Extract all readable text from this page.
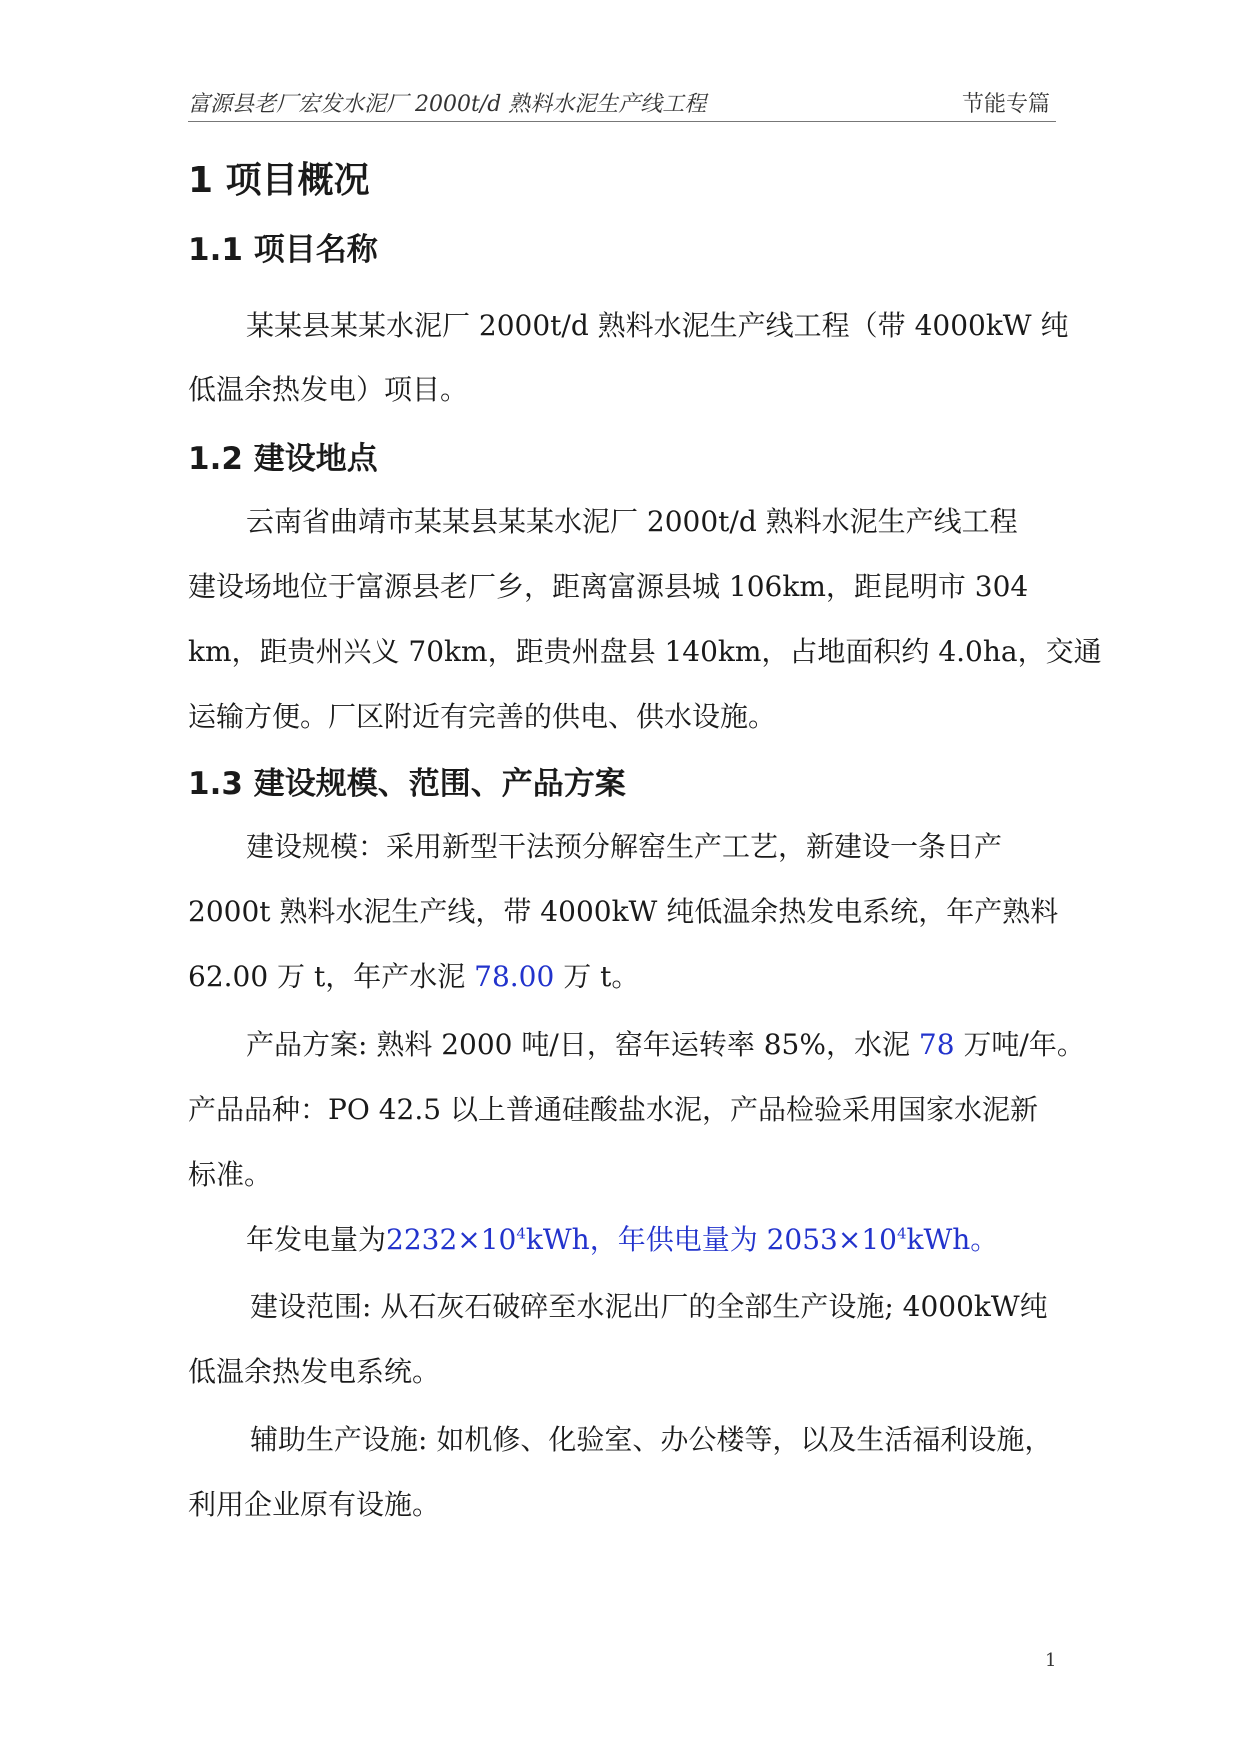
富源县老厂宏发水泥厂 2000t/d 熟料水泥生产线工程	节能专篇
1 项目概况
1.1 项目名称
某某县某某水泥厂 2000t/d 熟料水泥生产线工程（带 4000kW 纯
低温余热发电）项目。
1.2 建设地点
云南省曲靖市某某县某某水泥厂 2000t/d 熟料水泥生产线工程
建设场地位于富源县老厂乡，距离富源县城 106km，距昆明市 304
km，距贵州兴义 70km，距贵州盘县 140km，占地面积约 4.0ha，交通
运输方便。厂区附近有完善的供电、供水设施。
1.3 建设规模、范围、产品方案
建设规模：采用新型干法预分解窑生产工艺，新建设一条日产
2000t 熟料水泥生产线，带 4000kW 纯低温余热发电系统，年产熟料
62.00 万 t，年产水泥 78.00 万 t。
产品方案: 熟料 2000 吨/日，窑年运转率 85%，水泥 78 万吨/年。
产品品种：PO 42.5 以上普通硅酸盐水泥，产品检验采用国家水泥新
标准。
年发电量为$2232\times 10^4kWh$，年供电量为 $2053\times 10^4kWh$。
建设范围: 从石灰石破碎至水泥出厂的全部生产设施; 4000kW纯
低温余热发电系统。
辅助生产设施: 如机修、化验室、办公楼等，以及生活福利设施，
利用企业原有设施。
1
